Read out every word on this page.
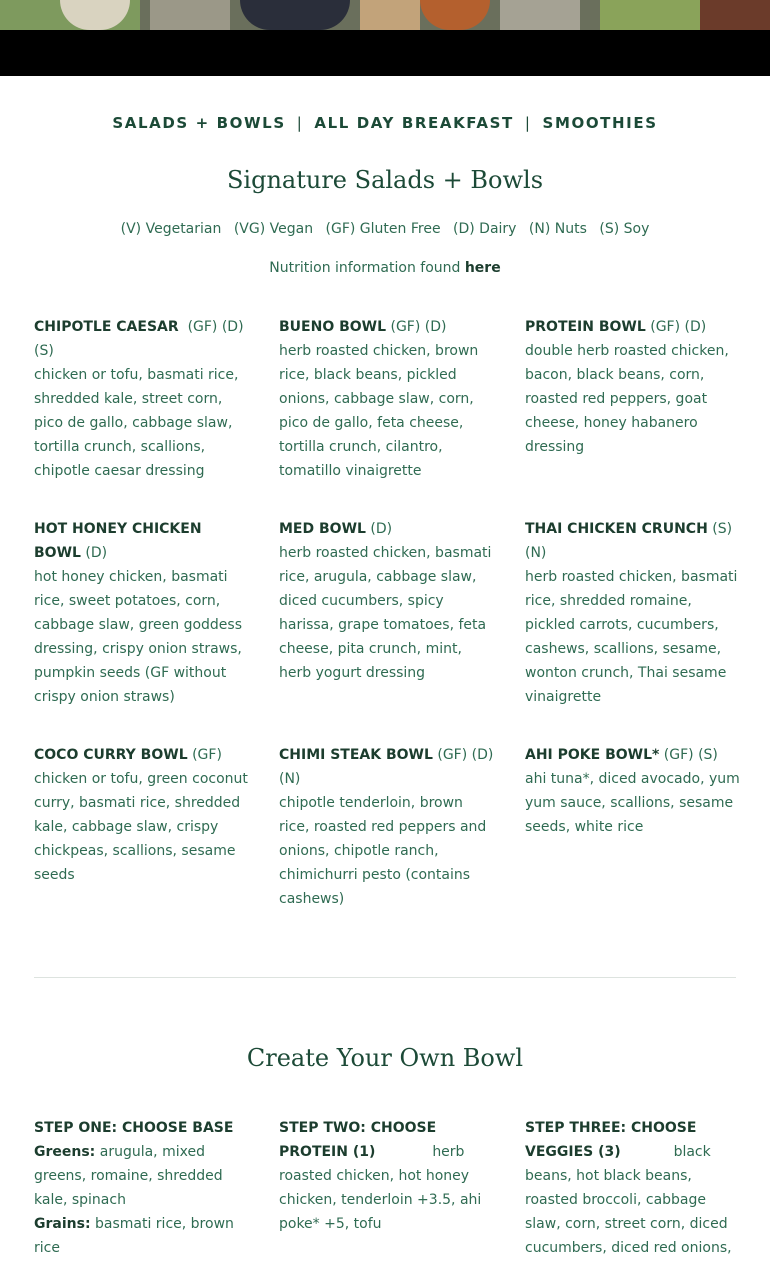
SALADS + BOWLS | ALL DAY BREAKFAST | SMOOTHIES
Signature Salads + Bowls
(V) Vegetarian (VG) Vegan (GF) Gluten Free (D) Dairy (N) Nuts (S) Soy
Nutrition information found here
CHIPOTLE CAESAR (GF) (D) (S)
chicken or tofu, basmati rice, shredded kale, street corn, pico de gallo, cabbage slaw, tortilla crunch, scallions, chipotle caesar dressing
BUENO BOWL (GF) (D)
herb roasted chicken, brown rice, black beans, pickled onions, cabbage slaw, corn, pico de gallo, feta cheese, tortilla crunch, cilantro, tomatillo vinaigrette
PROTEIN BOWL (GF) (D)
double herb roasted chicken, bacon, black beans, corn, roasted red peppers, goat cheese, honey habanero dressing
HOT HONEY CHICKEN BOWL (D)
hot honey chicken, basmati rice, sweet potatoes, corn, cabbage slaw, green goddess dressing, crispy onion straws, pumpkin seeds (GF without crispy onion straws)
MED BOWL (D)
herb roasted chicken, basmati rice, arugula, cabbage slaw, diced cucumbers, spicy harissa, grape tomatoes, feta cheese, pita crunch, mint, herb yogurt dressing
THAI CHICKEN CRUNCH (S) (N)
herb roasted chicken, basmati rice, shredded romaine, pickled carrots, cucumbers, cashews, scallions, sesame, wonton crunch, Thai sesame vinaigrette
COCO CURRY BOWL (GF)
chicken or tofu, green coconut curry, basmati rice, shredded kale, cabbage slaw, crispy chickpeas, scallions, sesame seeds
CHIMI STEAK BOWL (GF) (D) (N)
chipotle tenderloin, brown rice, roasted red peppers and onions, chipotle ranch, chimichurri pesto (contains cashews)
AHI POKE BOWL* (GF) (S)
ahi tuna*, diced avocado, yum yum sauce, scallions, sesame seeds, white rice
Create Your Own Bowl
STEP ONE: CHOOSE BASE
Greens: arugula, mixed greens, romaine, shredded kale, spinach
Grains: basmati rice, brown rice
STEP TWO: CHOOSE PROTEIN (1)	herb roasted chicken, hot honey chicken, tenderloin +3.5, ahi poke* +5, tofu
STEP THREE: CHOOSE VEGGIES (3)	black beans, hot black beans, roasted broccoli, cabbage slaw, corn, street corn, diced cucumbers, diced red onions,
